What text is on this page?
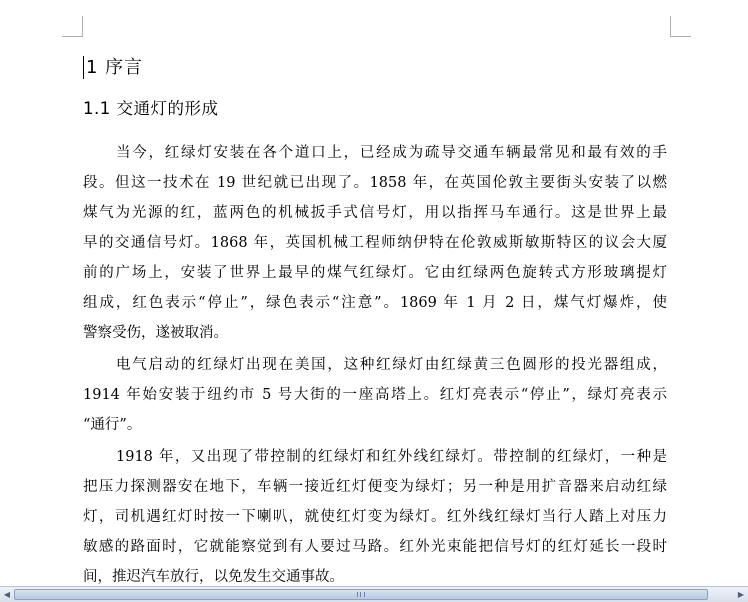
1 序言
1.1 交通灯的形成
当今，红绿灯安装在各个道口上，已经成为疏导交通车辆最常见和最有效的手
段。但这一技术在 19 世纪就已出现了。1858 年，在英国伦敦主要街头安装了以燃
煤气为光源的红，蓝两色的机械扳手式信号灯，用以指挥马车通行。这是世界上最
早的交通信号灯。1868 年，英国机械工程师纳伊特在伦敦威斯敏斯特区的议会大厦
前的广场上，安装了世界上最早的煤气红绿灯。它由红绿两色旋转式方形玻璃提灯
组成，红色表示“停止”，绿色表示“注意”。1869 年 1 月 2 日，煤气灯爆炸，使
警察受伤，遂被取消。
电气启动的红绿灯出现在美国，这种红绿灯由红绿黄三色圆形的投光器组成，
1914 年始安装于纽约市 5 号大街的一座高塔上。红灯亮表示“停止”，绿灯亮表示
“通行”。
1918 年，又出现了带控制的红绿灯和红外线红绿灯。带控制的红绿灯，一种是
把压力探测器安在地下，车辆一接近红灯便变为绿灯；另一种是用扩音器来启动红绿
灯，司机遇红灯时按一下喇叭，就使红灯变为绿灯。红外线红绿灯当行人踏上对压力
敏感的路面时，它就能察觉到有人要过马路。红外光束能把信号灯的红灯延长一段时
间，推迟汽车放行，以免发生交通事故。
◀	▶
